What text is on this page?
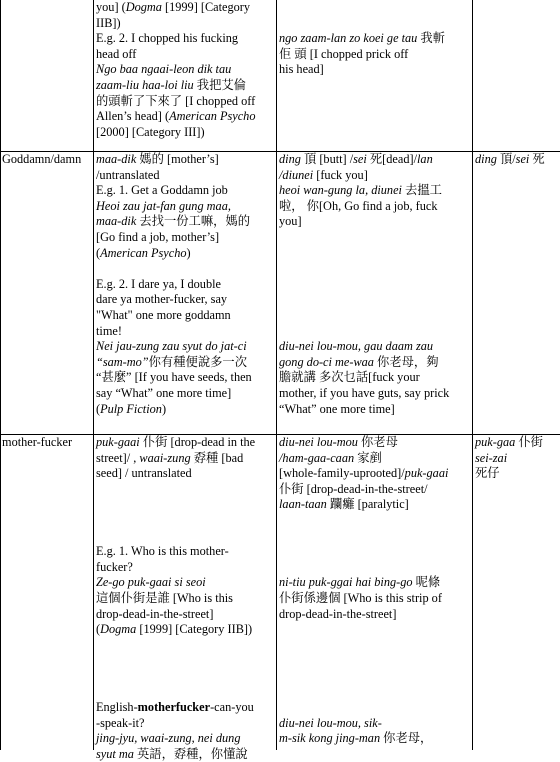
you] (Dogma [1999] [Category
IIB])
E.g. 2. I chopped his fucking
head off
Ngo baa ngaai-leon dik tau
zaam-liu haa-loi liu 我把艾倫
的頭斬了下來了 [I chopped off
Allen’s head] (American Psycho
[2000] [Category III])
ngo zaam-lan zo koei ge tau 我斬
佢 頭 [I chopped prick off
his head]
Goddamn/damn	maa-dik 媽的 [mother’s]
/untranslated
E.g. 1. Get a Goddamn job
Heoi zau jat-fan gung maa,
maa-dik 去找一份工嘛，媽的
[Go find a job, mother’s]
(American Psycho)
E.g. 2. I dare ya, I double
dare ya mother-fucker, say
"What" one more goddamn
time!
Nei jau-zung zau syut do jat-ci
“sam-mo”你有種便說多一次
“甚麼” [If you have seeds, then
say “What” one more time]
(Pulp Fiction)
ding 頂 [butt] /sei 死[dead]/lan
/diunei [fuck you]
heoi wan-gung la, diunei 去搵工
啦， 你[Oh, Go find a job, fuck
you]
diu-nei lou-mou, gau daam zau
gong do-ci me-waa 你老母，夠
膽就講 多次乜話[fuck your
mother, if you have guts, say prick
“What” one more time]
ding 頂/sei 死
mother-fucker	puk-gaai 仆街 [drop-dead in the
street]/ , waai-zung 孬種 [bad
seed] / untranslated
E.g. 1. Who is this mother-
fucker?
Ze-go puk-gaai si seoi
這個仆街是誰 [Who is this
drop-dead-in-the-street]
(Dogma [1999] [Category IIB])
English-motherfucker-can-you
-speak-it?
jing-jyu, waai-zung, nei dung
syut ma 英語，孬種，你懂說
diu-nei lou-mou 你老母
/ham-gaa-caan 家剷
[whole-family-uprooted]/puk-gaai
仆街 [drop-dead-in-the-street/
laan-taan 躝癱 [paralytic]
ni-tiu puk-ggai hai bing-go 呢條
仆街係邊個 [Who is this strip of
drop-dead-in-the-street]
diu-nei lou-mou, sik-
m-sik kong jing-man 你老母，
puk-gaa 仆街
sei-zai
死仔
